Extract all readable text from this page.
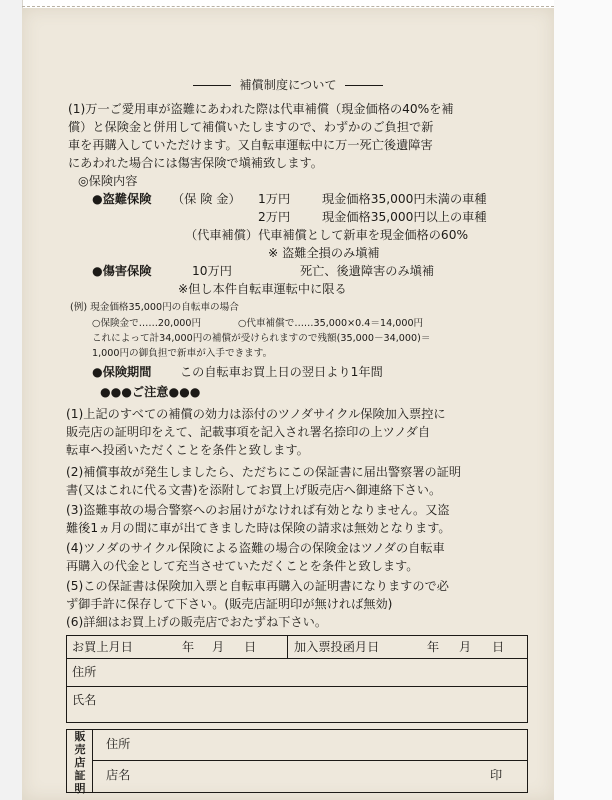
補償制度について
(1)万一ご愛用車が盗難にあわれた際は代車補償（現金価格の40%を補
償）と保険金と併用して補償いたしますので、わずかのご負担で新
車を再購入していただけます。又自転車運転中に万一死亡後遺障害
にあわれた場合には傷害保険で塡補致します。
◎保険内容
●盗難保険 （保 険 金） 1万円	現金価格35,000円未満の車種
2万円	現金価格35,000円以上の車種
（代車補償）代車補償として新車を現金価格の60%
※ 盗難全損のみ塡補
●傷害保険	10万円	死亡、後遺障害のみ塡補
※但し本件自転車運転中に限る
(例) 現金価格35,000円の自転車の場合
○保険金で……20,000円	○代車補償で……35,000×0.4＝14,000円
これによって計34,000円の補償が受けられますので残額(35,000－34,000)＝
1,000円の御負担で新車が入手できます。
●保険期間 この自転車お買上日の翌日より1年間
●●●ご注意●●●
(1)上記のすべての補償の効力は添付のツノダサイクル保険加入票控に
販売店の証明印をえて、記載事項を記入され署名捺印の上ツノダ自
転車へ投函いただくことを条件と致します。
(2)補償事故が発生しましたら、ただちにこの保証書に届出警察署の証明
書(又はこれに代る文書)を添附してお買上げ販売店へ御連絡下さい。
(3)盗難事故の場合警察へのお届けがなければ有効となりません。又盗
難後1ヵ月の間に車が出てきました時は保険の請求は無効となります。
(4)ツノダのサイクル保険による盗難の場合の保険金はツノダの自転車
再購入の代金として充当させていただくことを条件と致します。
(5)この保証書は保険加入票と自転車再購入の証明書になりますので必
ず御手許に保存して下さい。(販売店証明印が無ければ無効)
(6)詳細はお買上げの販売店でおたずね下さい。
お買上月日	年 月 日	加入票投函月日	年 月 日
住所
氏名
販
売
店
証
明
住所
店名	印
